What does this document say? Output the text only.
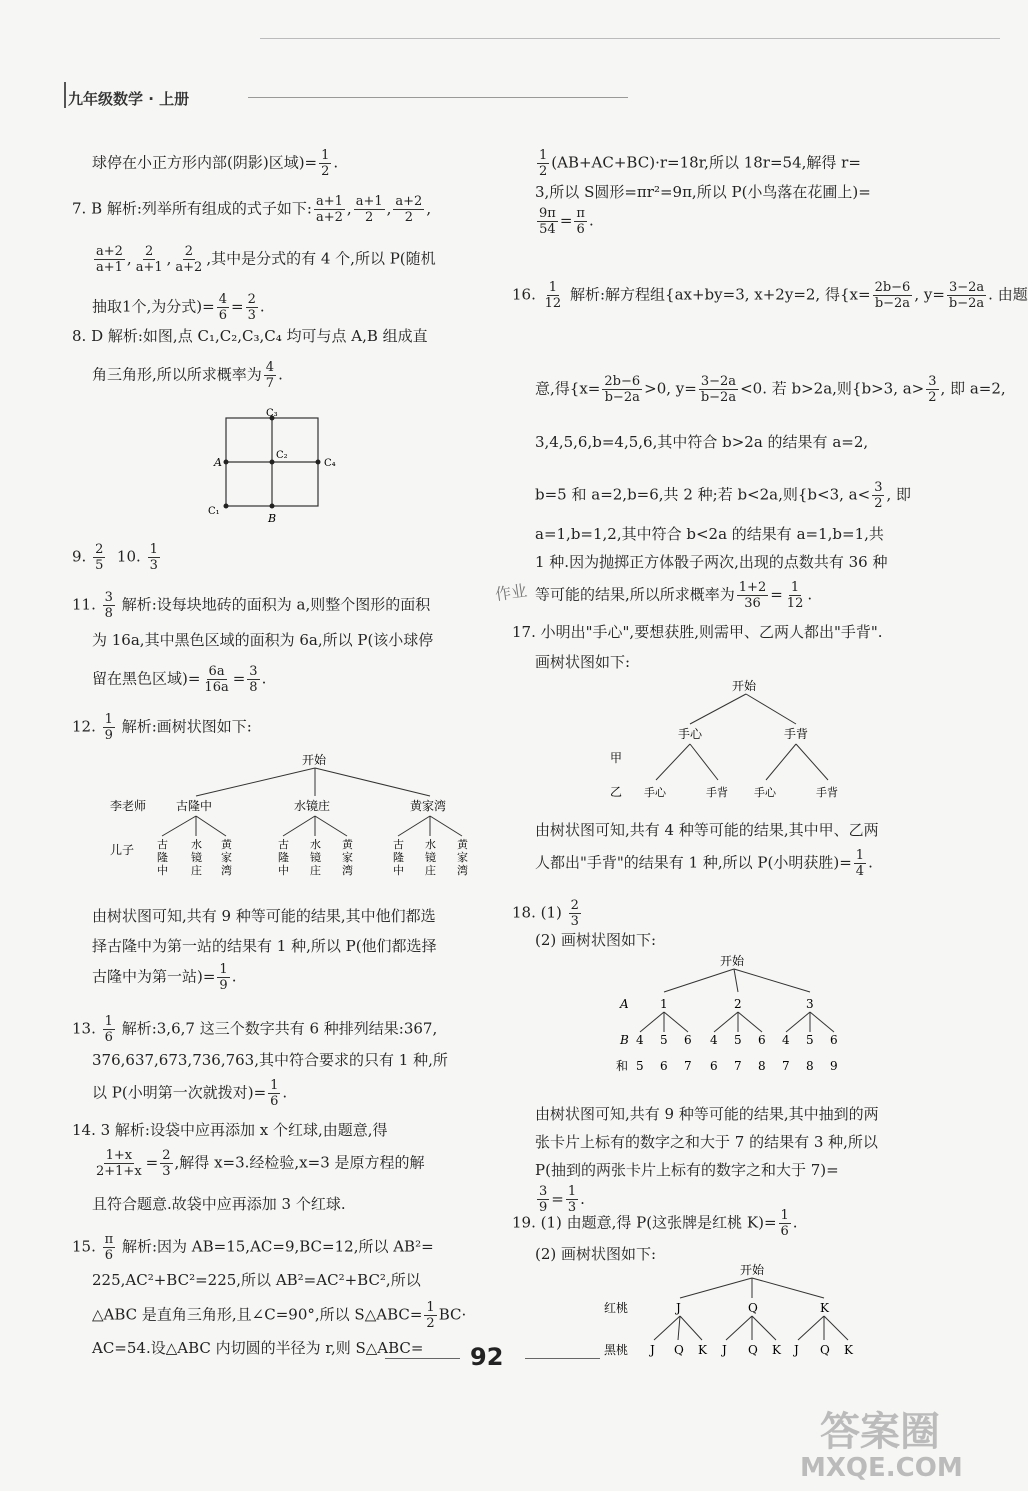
九年级数学 · 上册
球停在小正方形内部(阴影)区域)= $\frac{1}{2}$ .
7. B 解析:列举所有组成的式子如下: $\frac{a+1}{a+2}$ , $\frac{a+1}{2}$ , $\frac{a+2}{2}$ ,
$\frac{a+2}{a+1}$ , $\frac{2}{a+1}$ , $\frac{2}{a+2}$ ,其中是分式的有 4 个,所以 P(随机
抽取1个,为分式)= $\frac{4}{6} = \frac{2}{3}$ .
8. D 解析:如图,点 C₁,C₂,C₃,C₄ 均可与点 A,B 组成直
角三角形,所以所求概率为 $\frac{4}{7}$ .
C₃
C₂
C₄
C₁
A
B
9. $\frac{2}{5} 10$. $\frac{1}{3}$
11. $\frac{3}{8}$ 解析:设每块地砖的面积为 a,则整个图形的面积
为 16a,其中黑色区域的面积为 6a,所以 P(该小球停
留在黑色区域)= $\frac{6a}{16a} = \frac{3}{8}$ .
12. $\frac{1}{9}$ 解析:画树状图如下:
开始
李老师 古隆中	水镜庄	黄家湾
儿子 古
隆
中
水
镜
庄
黄
家
湾
古
隆
中
水
镜
庄
黄
家
湾
古
隆
中
水
镜
庄
黄
家
湾
由树状图可知,共有 9 种等可能的结果,其中他们都选
择古隆中为第一站的结果有 1 种,所以 P(他们都选择
古隆中为第一站)= $\frac{1}{9}$ .
13. $\frac{1}{6}$ 解析:3,6,7 这三个数字共有 6 种排列结果:367,
376,637,673,736,763,其中符合要求的只有 1 种,所
以 P(小明第一次就拨对)= $\frac{1}{6}$ .
14. 3 解析:设袋中应再添加 x 个红球,由题意,得
$\frac{1+x}{2+1+x} = \frac{2}{3}$ ,解得 x=3.经检验,x=3 是原方程的解
且符合题意.故袋中应再添加 3 个红球.
15. $\frac{\pi}{6}$ 解析:因为 AB=15,AC=9,BC=12,所以 AB²=
225,AC²+BC²=225,所以 AB²=AC²+BC²,所以
△ABC 是直角三角形,且∠C=90°,所以 S△ABC= $\frac{1}{2} BC\cdot$
AC=54.设△ABC 内切圆的半径为 r,则 S△ABC=
$\frac{1}{2} (AB+AC+BC)\cdot r=18r$,所以 18r=54,解得 r=
3,所以 S圆形=πr²=9π,所以 P(小鸟落在花圃上)=
$\frac{9\pi}{54} = \frac{\pi}{6}$ .
16. $\frac{1}{12}$ 解析:解方程组{ax+by=3, x+2y=2, 得{$x= \frac{2b-6}{b-2a}$ , $y= \frac{3-2a}{b-2a}$ . 由题
意,得{$x= \frac{2b-6}{b-2a} >0$, $y= \frac{3-2a}{b-2a} <0$. 若 b>2a,则{b>3, $a> \frac{3}{2}$ , 即 a=2,
3,4,5,6,b=4,5,6,其中符合 b>2a 的结果有 a=2,
b=5 和 a=2,b=6,共 2 种;若 b<2a,则{b<3, $a< \frac{3}{2}$ , 即
a=1,b=1,2,其中符合 b<2a 的结果有 a=1,b=1,共
1 种.因为抛掷正方体骰子两次,出现的点数共有 36 种
等可能的结果,所以所求概率为 $\frac{1+2}{36} = \frac{1}{12}$ .
17. 小明出"手心",要想获胜,则需甲、乙两人都出"手背".
画树状图如下:
开始
甲
手心	手背
乙 手心	手背 手心	手背
由树状图可知,共有 4 种等可能的结果,其中甲、乙两
人都出"手背"的结果有 1 种,所以 P(小明获胜)= $\frac{1}{4}$ .
18. $(1) \frac{2}{3}$
(2) 画树状图如下:
开始
A
B
和
1	2	3
4 5 6 4 5 6 4 5 6
5 6 7 6 7 8 7 8 9
由树状图可知,共有 9 种等可能的结果,其中抽到的两
张卡片上标有的数字之和大于 7 的结果有 3 种,所以
P(抽到的两张卡片上标有的数字之和大于 7)=
$\frac{3}{9} = \frac{1}{3}$ .
19. (1) 由题意,得 P(这张牌是红桃 $K)= \frac{1}{6}$ .
(2) 画树状图如下:
开始
红桃
黑桃
J	Q	K
J Q K J Q K J Q K
92
作业
答案圈
MXQE.COM
